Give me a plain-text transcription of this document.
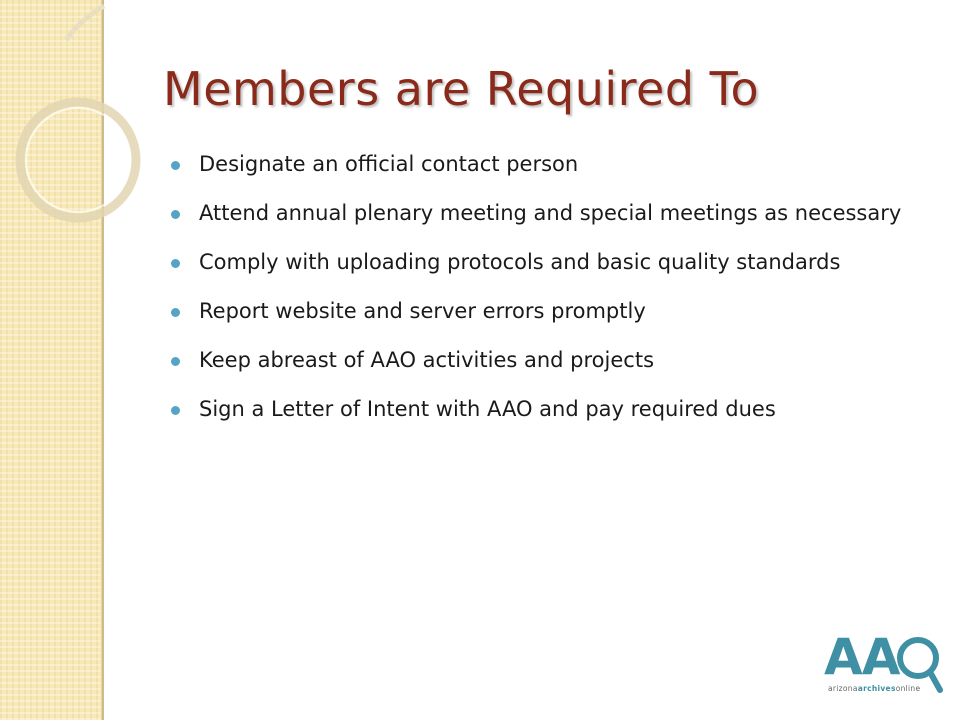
Members are Required To
Designate an official contact person
Attend annual plenary meeting and special meetings as necessary
Comply with uploading protocols and basic quality standards
Report website and server errors promptly
Keep abreast of AAO activities and projects
Sign a Letter of Intent with AAO and pay required dues
AA
arizonaarchivesonline
